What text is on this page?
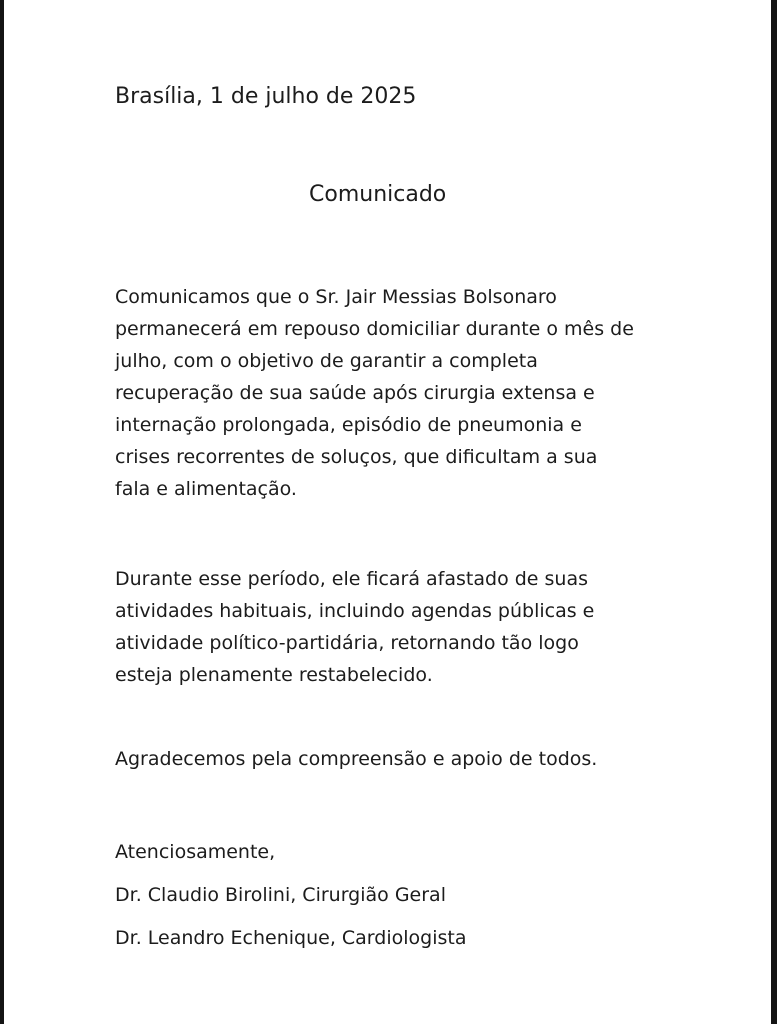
Brasília, 1 de julho de 2025

Comunicado

Comunicamos que o Sr. Jair Messias Bolsonaro
permanecerá em repouso domiciliar durante o mês de
julho, com o objetivo de garantir a completa
recuperação de sua saúde após cirurgia extensa e
internação prolongada, episódio de pneumonia e
crises recorrentes de soluços, que dificultam a sua
fala e alimentação.

Durante esse período, ele ficará afastado de suas
atividades habituais, incluindo agendas públicas e
atividade político-partidária, retornando tão logo
esteja plenamente restabelecido.

Agradecemos pela compreensão e apoio de todos.

Atenciosamente,
Dr. Claudio Birolini, Cirurgião Geral
Dr. Leandro Echenique, Cardiologista
